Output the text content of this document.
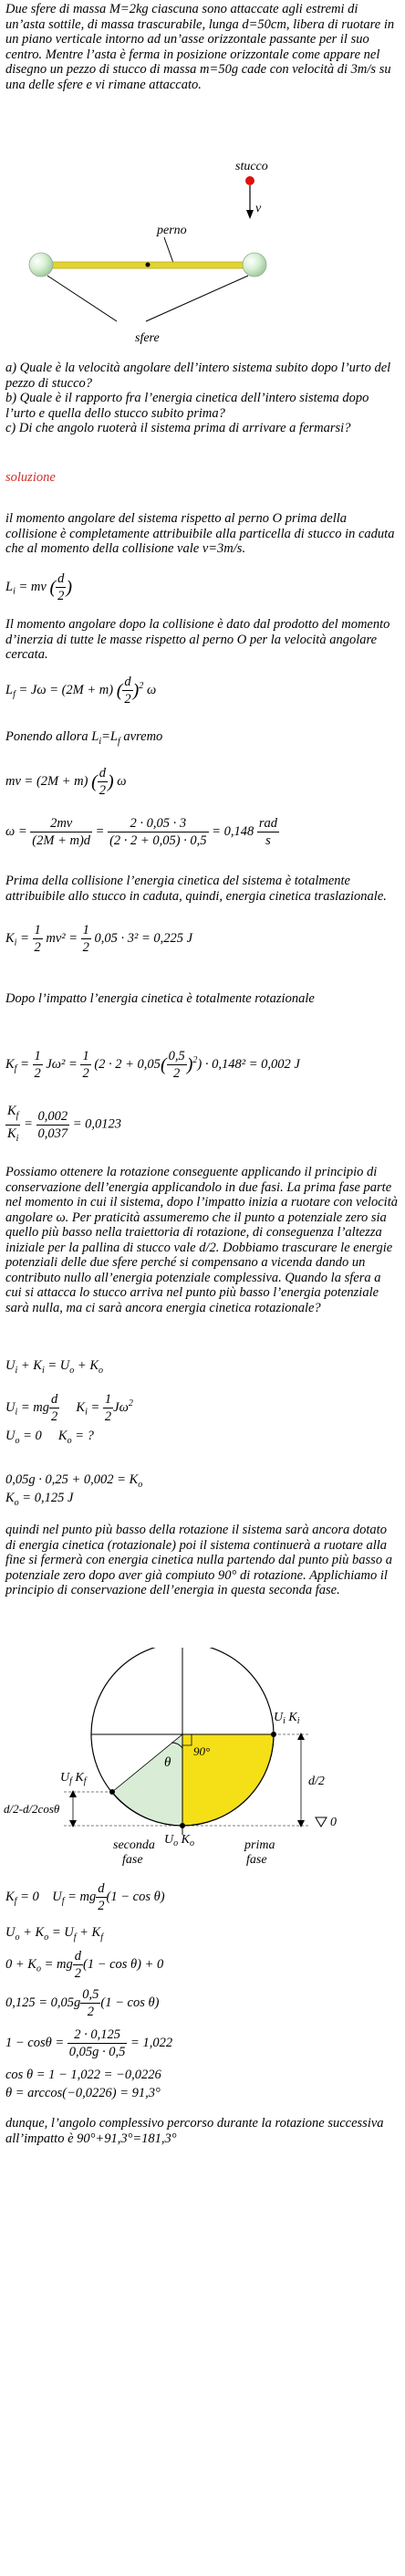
Due sfere di massa M=2kg ciascuna sono attaccate agli estremi di un’asta sottile, di massa trascurabile, lunga d=50cm, libera di ruotare in un piano verticale intorno ad un’asse orizzontale passante per il suo centro. Mentre l’asta è ferma in posizione orizzontale come appare nel disegno un pezzo di stucco di massa m=50g cade con velocità di 3m/s su una delle sfere e vi rimane attaccato.
stucco
v
perno
sfere
a) Quale è la velocità angolare dell’intero sistema subito dopo l’urto del pezzo di stucco?
b) Quale è il rapporto fra l’energia cinetica dell’intero sistema dopo l’urto e quella dello stucco subito prima?
c) Di che angolo ruoterà il sistema prima di arrivare a fermarsi?
soluzione
il momento angolare del sistema rispetto al perno O prima della collisione è completamente attribuibile alla particella di stucco in caduta che al momento della collisione vale v=3m/s.
$L_i$ = mv ( $\frac{d}{2}$ )
Il momento angolare dopo la collisione è dato dal prodotto del momento d’inerzia di tutte le masse rispetto al perno O per la velocità angolare cercata.
$L_f = J\omega = (2M + m)$ ( $\frac{d}{2} )^2$ ω
Ponendo allora $L_i=L_f$ avremo
mv = (2M + m) ( $\frac{d}{2}$ ) ω
$\omega = \frac{2mv}{(2M + m)d} = \frac{2 \cdot 0,05 \cdot 3}{(2 \cdot 2 + 0,05) \cdot 0,5} = 0,148$
rad
s
Prima della collisione l’energia cinetica del sistema è totalmente attribuibile allo stucco in caduta, quindi, energia cinetica traslazionale.
$K_i = \frac{1}{2} mv^2 = \frac{1}{2} 0,05 \cdot 3^2 = 0,225$ J
Dopo l’impatto l’energia cinetica è totalmente rotazionale
$K_f = \frac{1}{2} J\omega^2 = \frac{1}{2} (2 \cdot 2 + 0,05( \frac{0,5}{2} )^2) \cdot 0,148^2 = 0,002$ J
$\frac{K_f}{K_i} = \frac{0,002}{0,037} = 0,0123$
Possiamo ottenere la rotazione conseguente applicando il principio di conservazione dell’energia applicandolo in due fasi. La prima fase parte nel momento in cui il sistema, dopo l’impatto inizia a ruotare con velocità angolare ω. Per praticità assumeremo che il punto a potenziale zero sia quello più basso nella traiettoria di rotazione, di conseguenza l’altezza iniziale per la pallina di stucco vale d/2. Dobbiamo trascurare le energie potenziali delle due sfere perché si compensano a vicenda dando un contributo nullo all’energia potenziale complessiva. Quando la sfera a cui si attacca lo stucco arriva nel punto più basso l’energia potenziale sarà nulla, ma ci sarà ancora energia cinetica rotazionale?
$U_i + K_i = U_o + K_o$
$U_i$ = mg $\frac{d}{2} K_i = \frac{1}{2} J\omega^2$
$U_o = 0$     $K_o$ = ?
$0,05g \cdot 0,25 + 0,002 = K_o$
$K_o = 0,125$ J
quindi nel punto più basso della rotazione il sistema sarà ancora dotato di energia cinetica (rotazionale) poi il sistema continuerà a ruotare alla fine si fermerà con energia cinetica nulla partendo dal punto più basso a potenziale zero dopo aver già compiuto 90° di rotazione. Applichiamo il principio di conservazione dell’energia in questa seconda fase.
$U_i$ $K_i$
$U_f$ $K_f$
θ
90°
d/2
d/2-d/2cosθ
0
$U_o$ $K_o$
seconda fase
prima fase
$K_f = 0$    $U_f$ = mg $\frac{d}{2} (1 - \cos \theta)$
$U_o + K_o = U_f + K_f$
$0 + K_o$ = mg $\frac{d}{2} (1 - \cos \theta) + 0$
$0,125 = 0,05g \frac{0,5}{2} (1 - \cos \theta)$
$1 - \cos\theta = \frac{2 \cdot 0,125}{0,05g \cdot 0,5} = 1,022$
cos θ = 1 − 1,022 = −0,0226
θ = arccos(−0,0226) = 91,3°
dunque, l’angolo complessivo percorso durante la rotazione successiva all’impatto è 90°+91,3°=181,3°
